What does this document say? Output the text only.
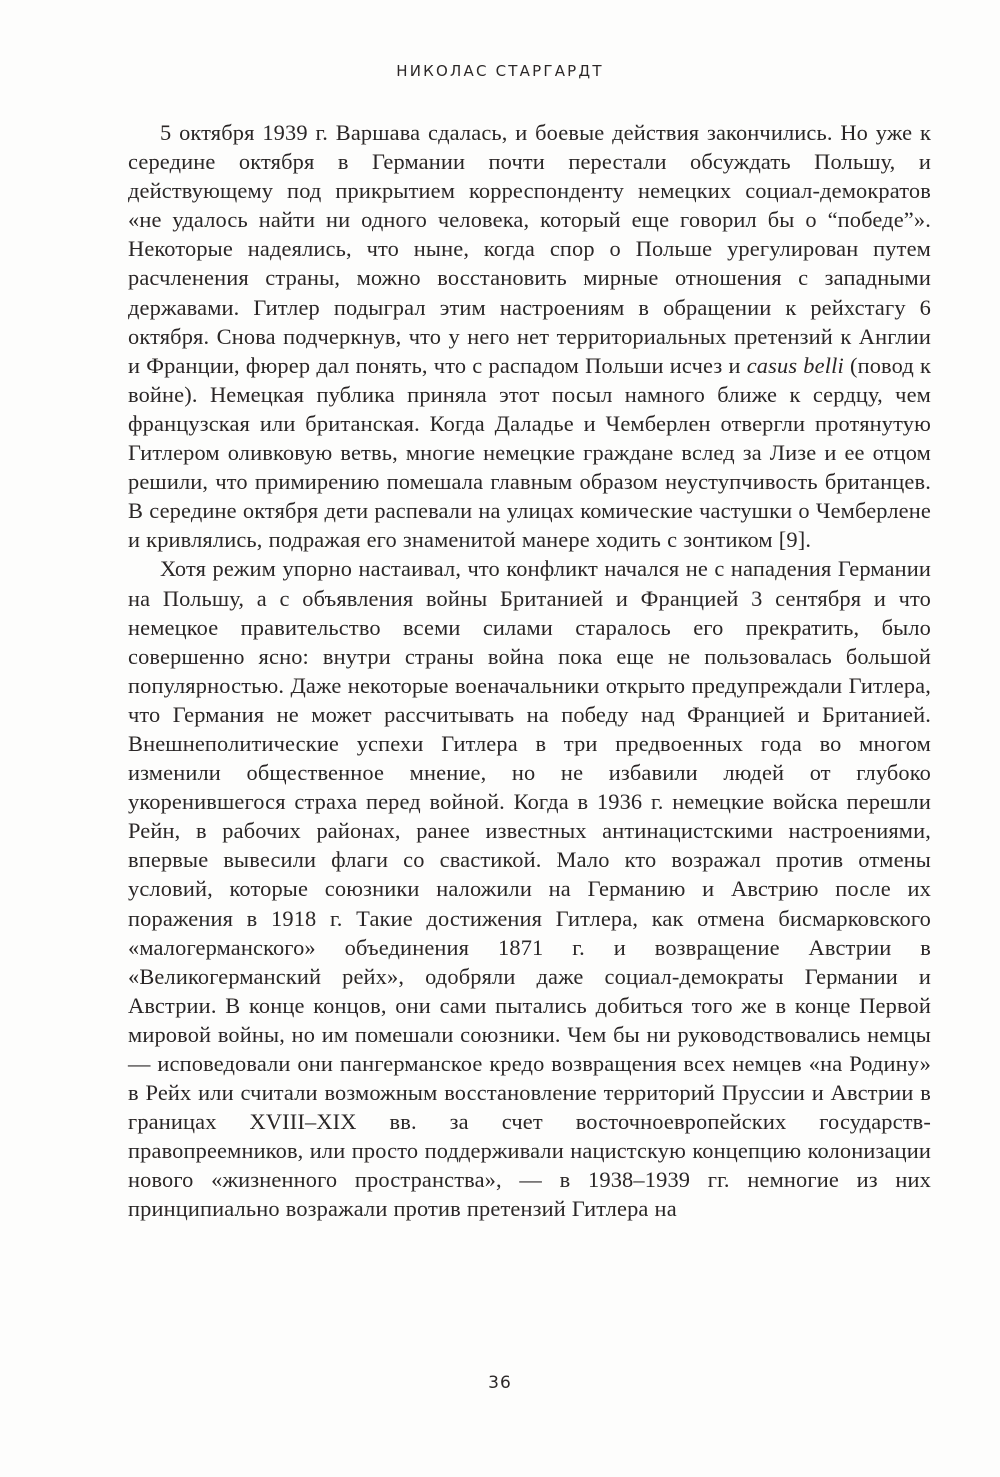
НИКОЛАС СТАРГАРДТ

5 октября 1939 г. Варшава сдалась, и боевые действия закончились. Но уже к середине октября в Германии почти перестали обсуждать Польшу, и действующему под прикрытием корреспонденту немецких социал-демократов «не удалось найти ни одного человека, который еще говорил бы о “победе”». Некоторые надеялись, что ныне, когда спор о Польше урегулирован путем расчленения страны, можно восстановить мирные отношения с западными державами. Гитлер подыграл этим настроениям в обращении к рейхстагу 6 октября. Снова подчеркнув, что у него нет территориальных претензий к Англии и Франции, фюрер дал понять, что с распадом Польши исчез и casus belli (повод к войне). Немецкая публика приняла этот посыл намного ближе к сердцу, чем французская или британская. Когда Даладье и Чемберлен отвергли протянутую Гитлером оливковую ветвь, многие немецкие граждане вслед за Лизе и ее отцом решили, что примирению помешала главным образом неуступчивость британцев. В середине октября дети распевали на улицах комические частушки о Чемберлене и кривлялись, подражая его знаменитой манере ходить с зонтиком [9].

Хотя режим упорно настаивал, что конфликт начался не с нападения Германии на Польшу, а с объявления войны Британией и Францией 3 сентября и что немецкое правительство всеми силами старалось его прекратить, было совершенно ясно: внутри страны война пока еще не пользовалась большой популярностью. Даже некоторые военачальники открыто предупреждали Гитлера, что Германия не может рассчитывать на победу над Францией и Британией. Внешнеполитические успехи Гитлера в три предвоенных года во многом изменили общественное мнение, но не избавили людей от глубоко укоренившегося страха перед войной. Когда в 1936 г. немецкие войска перешли Рейн, в рабочих районах, ранее известных антинацистскими настроениями, впервые вывесили флаги со свастикой. Мало кто возражал против отмены условий, которые союзники наложили на Германию и Австрию после их поражения в 1918 г. Такие достижения Гитлера, как отмена бисмарковского «малогерманского» объединения 1871 г. и возвращение Австрии в «Великогерманский рейх», одобряли даже социал-демократы Германии и Австрии. В конце концов, они сами пытались добиться того же в конце Первой мировой войны, но им помешали союзники. Чем бы ни руководствовались немцы — исповедовали они пангерманское кредо возвращения всех немцев «на Родину» в Рейх или считали возможным восстановление территорий Пруссии и Австрии в границах XVIII–XIX вв. за счет восточноевропейских государств-правопреемников, или просто поддерживали нацистскую концепцию колонизации нового «жизненного пространства», — в 1938–1939 гг. немногие из них принципиально возражали против претензий Гитлера на

36
